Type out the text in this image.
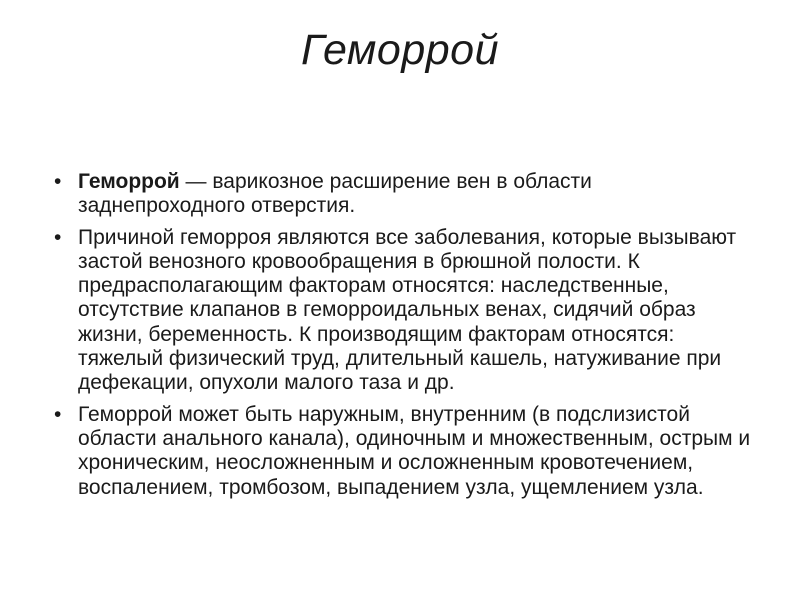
Геморрой
• Геморрой — варикозное расширение вен в области заднепроходного отверстия.
• Причиной геморроя являются все заболевания, которые вызывают застой венозного кровообращения в брюшной полости. К предрасполагающим факторам относятся: наследственные, отсутствие клапанов в геморроидальных венах, сидячий образ жизни, беременность. К производящим факторам относятся: тяжелый физический труд, длительный кашель, натуживание при дефекации, опухоли малого таза и др.
• Геморрой может быть наружным, внутренним (в подслизистой области анального канала), одиночным и множественным, острым и хроническим, неосложненным и осложненным кровотечением, воспалением, тромбозом, выпадением узла, ущемлением узла.
